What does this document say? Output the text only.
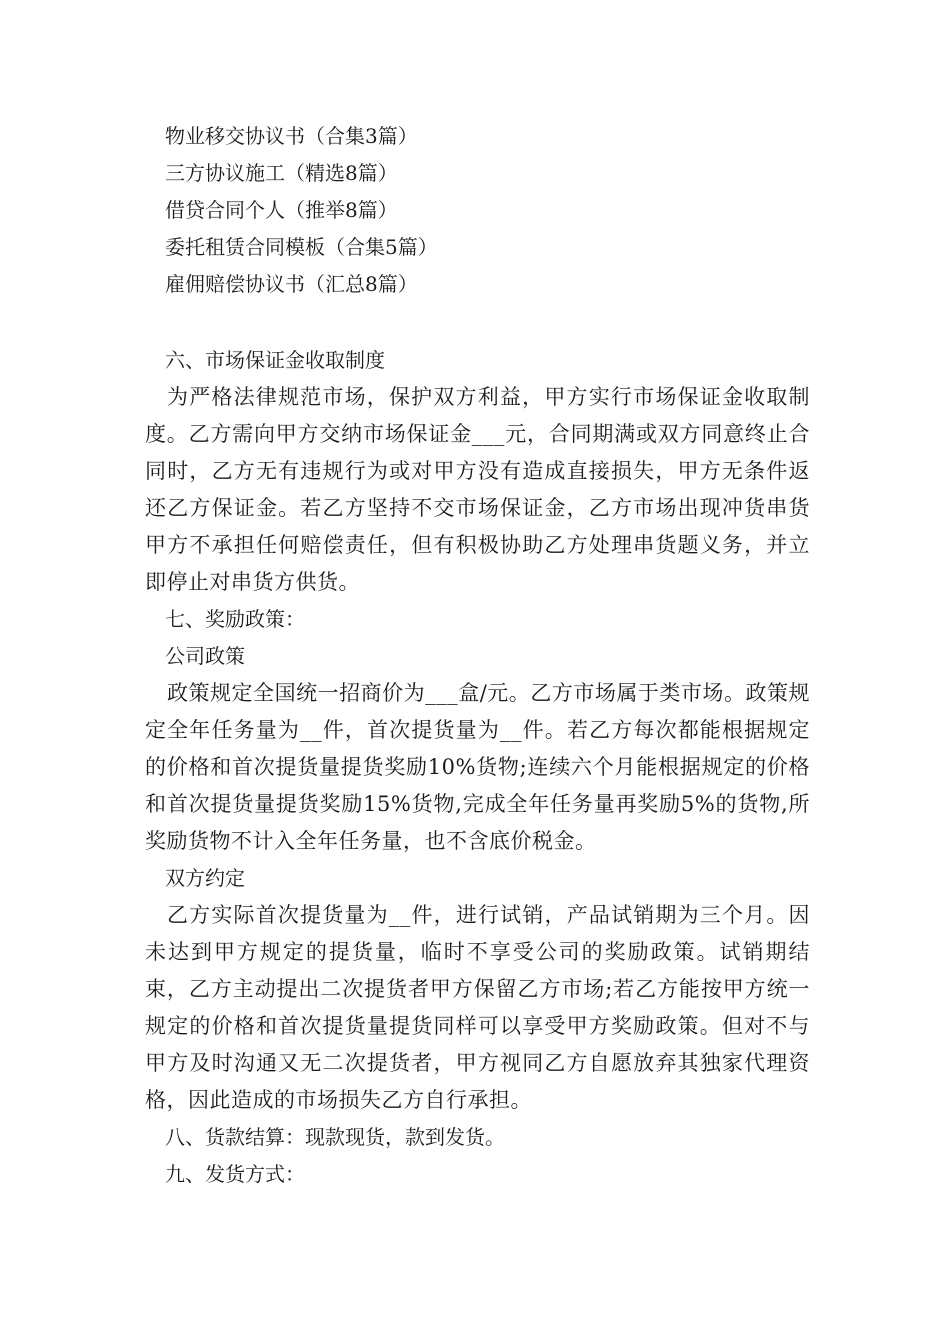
物业移交协议书（合集3篇）
三方协议施工（精选8篇）
借贷合同个人（推举8篇）
委托租赁合同模板（合集5篇）
雇佣赔偿协议书（汇总8篇）

六、市场保证金收取制度

为严格法律规范市场，保护双方利益，甲方实行市场保证金收取制度。乙方需向甲方交纳市场保证金___元，合同期满或双方同意终止合同时，乙方无有违规行为或对甲方没有造成直接损失，甲方无条件返还乙方保证金。若乙方坚持不交市场保证金，乙方市场出现冲货串货甲方不承担任何赔偿责任，但有积极协助乙方处理串货题义务，并立即停止对串货方供货。

七、奖励政策：

公司政策

政策规定全国统一招商价为___盒/元。乙方市场属于类市场。政策规定全年任务量为__件，首次提货量为__件。若乙方每次都能根据规定的价格和首次提货量提货奖励10%货物;连续六个月能根据规定的价格和首次提货量提货奖励15%货物,完成全年任务量再奖励5%的货物,所奖励货物不计入全年任务量，也不含底价税金。

双方约定

乙方实际首次提货量为__件，进行试销，产品试销期为三个月。因未达到甲方规定的提货量，临时不享受公司的奖励政策。试销期结束，乙方主动提出二次提货者甲方保留乙方市场;若乙方能按甲方统一规定的价格和首次提货量提货同样可以享受甲方奖励政策。但对不与甲方及时沟通又无二次提货者，甲方视同乙方自愿放弃其独家代理资格，因此造成的市场损失乙方自行承担。

八、货款结算：现款现货，款到发货。

九、发货方式：
